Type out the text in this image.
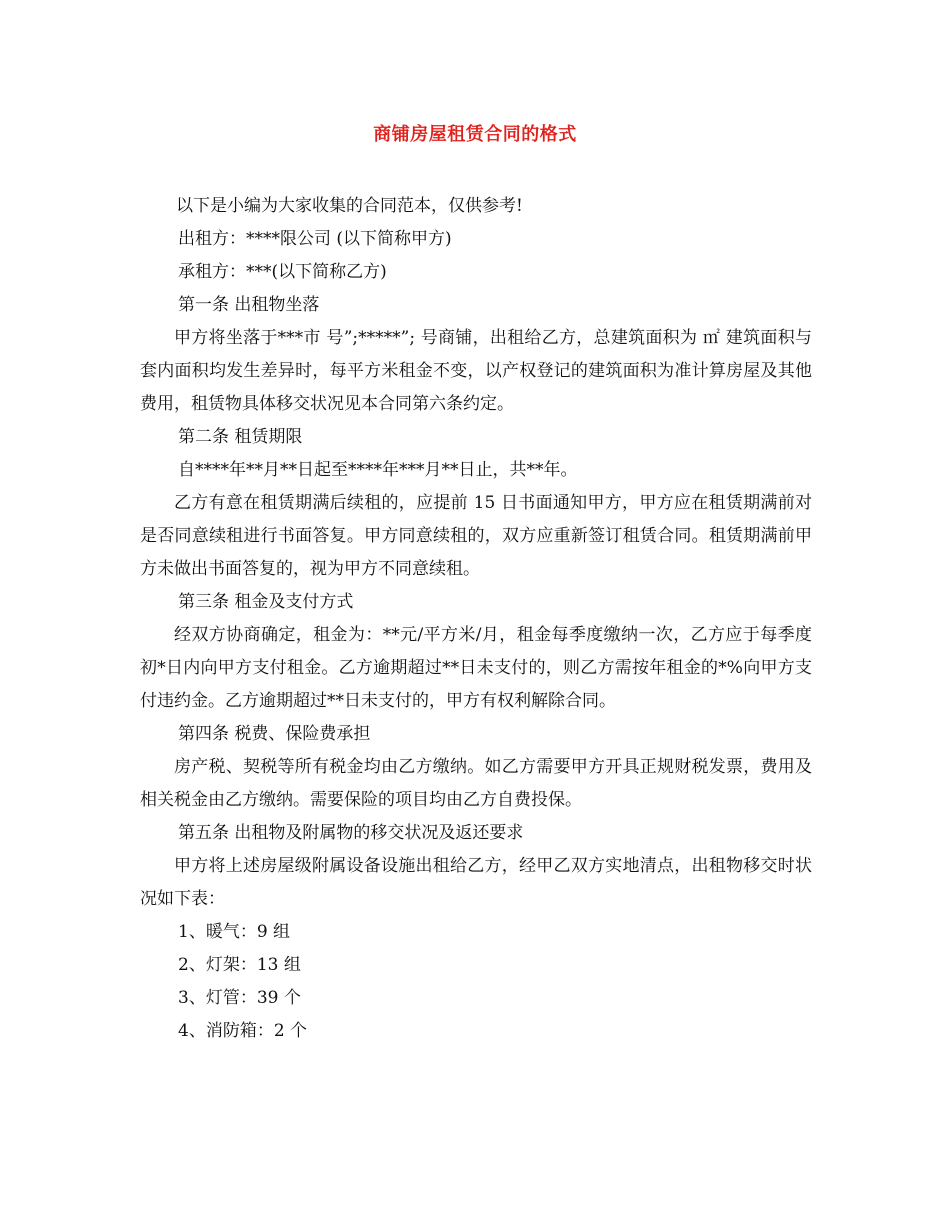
商铺房屋租赁合同的格式

以下是小编为大家收集的合同范本，仅供参考!

出租方：****限公司 (以下简称甲方)

承租方：***(以下简称乙方)

第一条 出租物坐落

甲方将坐落于***市 号”;*****”; 号商铺，出租给乙方，总建筑面积为 ㎡ 建筑面积与套内面积均发生差异时，每平方米租金不变，以产权登记的建筑面积为准计算房屋及其他费用，租赁物具体移交状况见本合同第六条约定。

第二条 租赁期限

自****年**月**日起至****年***月**日止，共**年。

乙方有意在租赁期满后续租的，应提前 15 日书面通知甲方，甲方应在租赁期满前对是否同意续租进行书面答复。甲方同意续租的，双方应重新签订租赁合同。租赁期满前甲方未做出书面答复的，视为甲方不同意续租。

第三条 租金及支付方式

经双方协商确定，租金为：**元/平方米/月，租金每季度缴纳一次，乙方应于每季度初*日内向甲方支付租金。乙方逾期超过**日未支付的，则乙方需按年租金的*%向甲方支付违约金。乙方逾期超过**日未支付的，甲方有权利解除合同。

第四条 税费、保险费承担

房产税、契税等所有税金均由乙方缴纳。如乙方需要甲方开具正规财税发票，费用及相关税金由乙方缴纳。需要保险的项目均由乙方自费投保。

第五条 出租物及附属物的移交状况及返还要求

甲方将上述房屋级附属设备设施出租给乙方，经甲乙双方实地清点，出租物移交时状况如下表：

1、暖气：9 组

2、灯架：13 组

3、灯管：39 个

4、消防箱：2 个
